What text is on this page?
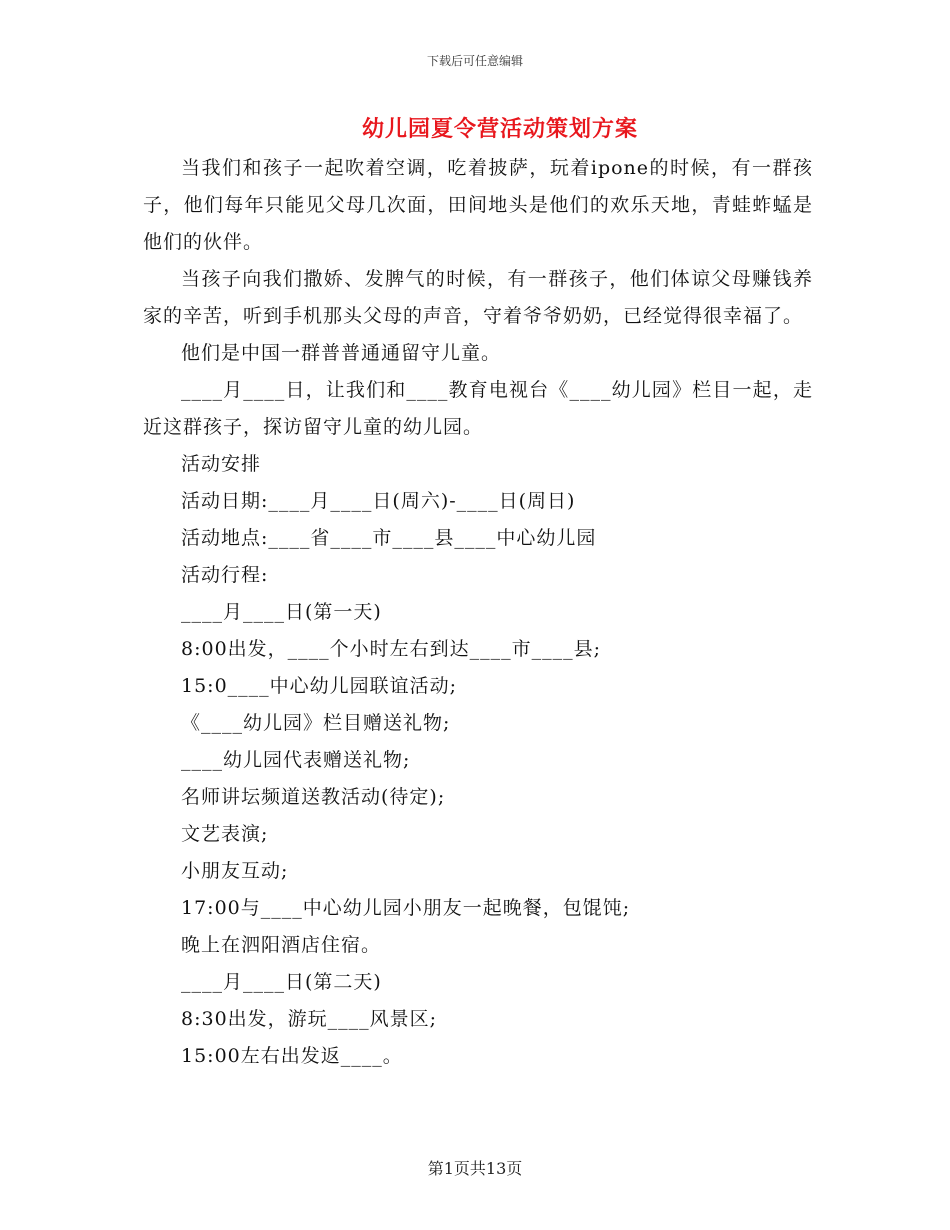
下载后可任意编辑
幼儿园夏令营活动策划方案

当我们和孩子一起吹着空调，吃着披萨，玩着ipone的时候，有一群孩子，他们每年只能见父母几次面，田间地头是他们的欢乐天地，青蛙蚱蜢是他们的伙伴。

当孩子向我们撒娇、发脾气的时候，有一群孩子，他们体谅父母赚钱养家的辛苦，听到手机那头父母的声音，守着爷爷奶奶，已经觉得很幸福了。

他们是中国一群普普通通留守儿童。

____月____日，让我们和____教育电视台《____幼儿园》栏目一起，走近这群孩子，探访留守儿童的幼儿园。

活动安排
活动日期:____月____日(周六)-____日(周日)
活动地点:____省____市____县____中心幼儿园
活动行程:
____月____日(第一天)
8:00出发，____个小时左右到达____市____县;
15:0____中心幼儿园联谊活动;
《____幼儿园》栏目赠送礼物;
____幼儿园代表赠送礼物;
名师讲坛频道送教活动(待定);
文艺表演;
小朋友互动;
17:00与____中心幼儿园小朋友一起晚餐，包馄饨;
晚上在泗阳酒店住宿。
____月____日(第二天)
8:30出发，游玩____风景区;
15:00左右出发返____。
第1页共13页
